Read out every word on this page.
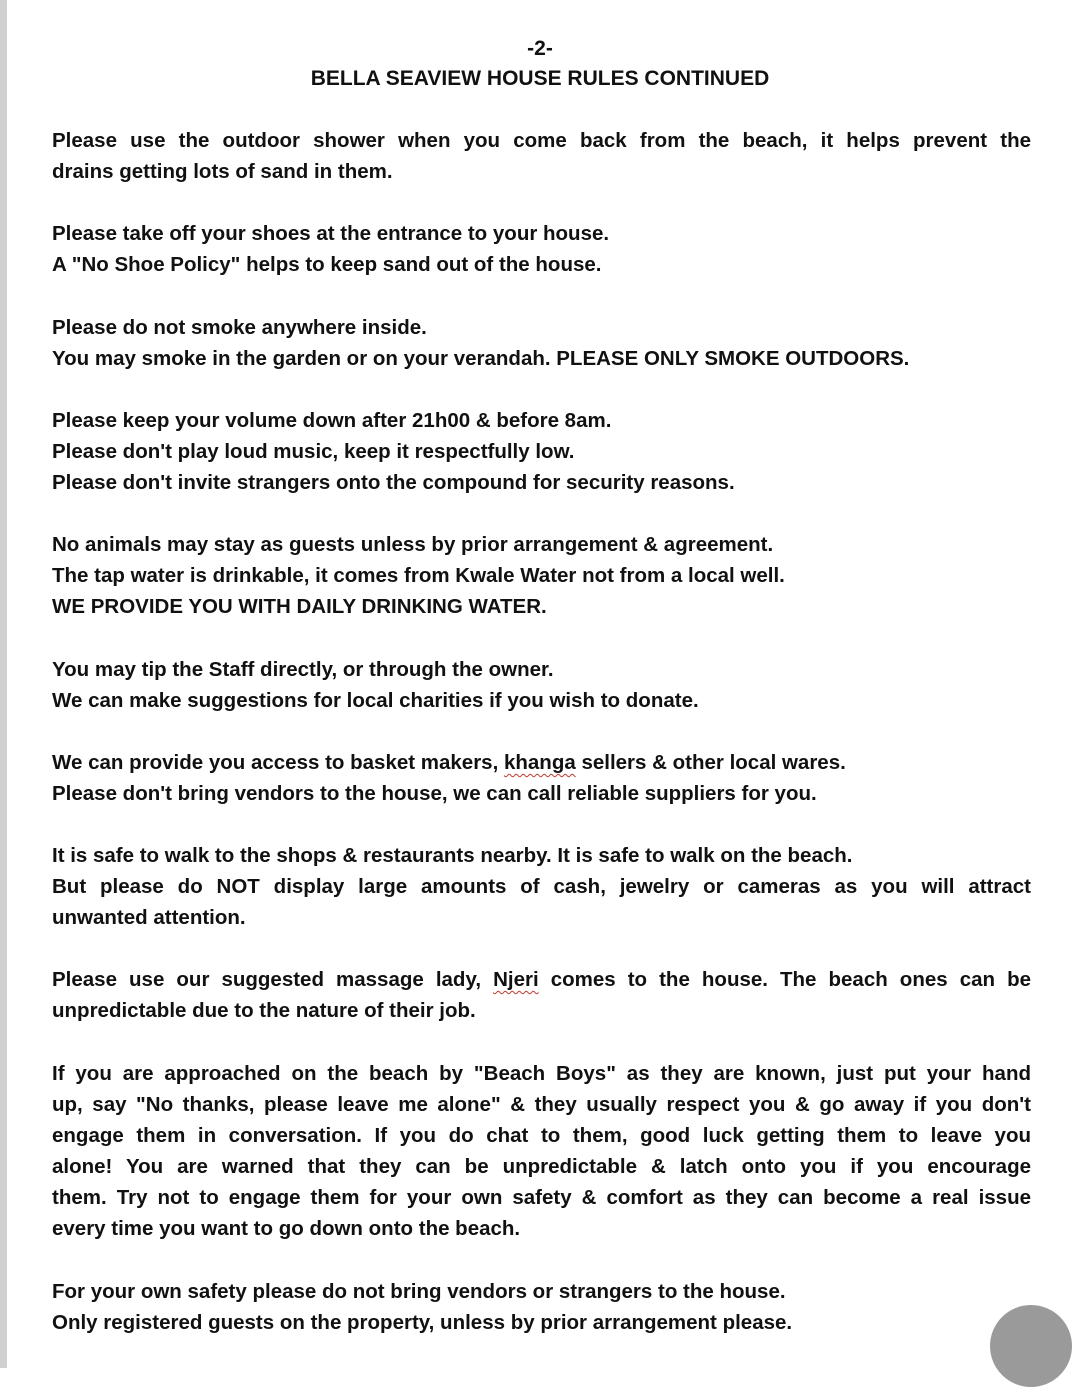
-2-
BELLA SEAVIEW HOUSE RULES CONTINUED
Please use the outdoor shower when you come back from the beach, it helps prevent the
drains getting lots of sand in them.
Please take off your shoes at the entrance to your house.
A "No Shoe Policy" helps to keep sand out of the house.
Please do not smoke anywhere inside.
You may smoke in the garden or on your verandah. PLEASE ONLY SMOKE OUTDOORS.
Please keep your volume down after 21h00 & before 8am.
Please don't play loud music, keep it respectfully low.
Please don't invite strangers onto the compound for security reasons.
No animals may stay as guests unless by prior arrangement & agreement.
The tap water is drinkable, it comes from Kwale Water not from a local well.
WE PROVIDE YOU WITH DAILY DRINKING WATER.
You may tip the Staff directly, or through the owner.
We can make suggestions for local charities if you wish to donate.
We can provide you access to basket makers, khanga sellers & other local wares.
Please don't bring vendors to the house, we can call reliable suppliers for you.
It is safe to walk to the shops & restaurants nearby. It is safe to walk on the beach.
But please do NOT display large amounts of cash, jewelry or cameras as you will attract
unwanted attention.
Please use our suggested massage lady, Njeri comes to the house. The beach ones can be
unpredictable due to the nature of their job.
If you are approached on the beach by "Beach Boys" as they are known, just put your hand
up, say "No thanks, please leave me alone" & they usually respect you & go away if you don't
engage them in conversation. If you do chat to them, good luck getting them to leave you
alone! You are warned that they can be unpredictable & latch onto you if you encourage
them. Try not to engage them for your own safety & comfort as they can become a real issue
every time you want to go down onto the beach.
For your own safety please do not bring vendors or strangers to the house.
Only registered guests on the property, unless by prior arrangement please.
